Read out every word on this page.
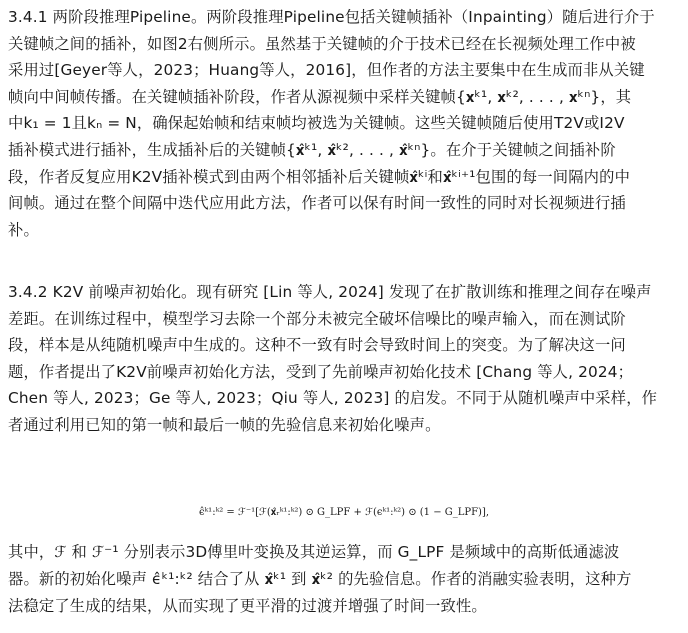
3.4.1 两阶段推理Pipeline。两阶段推理Pipeline包括关键帧插补（Inpainting）随后进行介于
关键帧之间的插补，如图2右侧所示。虽然基于关键帧的介于技术已经在长视频处理工作中被
采用过[Geyer等人，2023；Huang等人，2016]，但作者的方法主要集中在生成而非从关键
帧向中间帧传播。在关键帧插补阶段，作者从源视频中采样关键帧{𝐱ᵏ¹, 𝐱ᵏ², . . . , 𝐱ᵏⁿ}，其
中k₁ = 1且kₙ = N，确保起始帧和结束帧均被选为关键帧。这些关键帧随后使用T2V或I2V
插补模式进行插补，生成插补后的关键帧{𝐱̂ᵏ¹, 𝐱̂ᵏ², . . . , 𝐱̂ᵏⁿ}。在介于关键帧之间插补阶
段，作者反复应用K2V插补模式到由两个相邻插补后关键帧𝐱̂ᵏⁱ和𝐱̂ᵏⁱ⁺¹包围的每一间隔内的中
间帧。通过在整个间隔中迭代应用此方法，作者可以保有时间一致性的同时对长视频进行插
补。
3.4.2 K2V 前噪声初始化。现有研究 [Lin 等人, 2024] 发现了在扩散训练和推理之间存在噪声
差距。在训练过程中，模型学习去除一个部分未被完全破坏信噪比的噪声输入，而在测试阶
段，样本是从纯随机噪声中生成的。这种不一致有时会导致时间上的突变。为了解决这一问
题，作者提出了K2V前噪声初始化方法，受到了先前噪声初始化技术 [Chang 等人, 2024；
Chen 等人, 2023；Ge 等人, 2023；Qiu 等人, 2023] 的启发。不同于从随机噪声中采样，作
者通过利用已知的第一帧和最后一帧的先验信息来初始化噪声。
ϵ̂ᵏ¹:ᵏ² = ℱ⁻¹[ℱ(𝐱̂ᵣᵏ¹:ᵏ²) ⊙ G_LPF + ℱ(ϵᵏ¹:ᵏ²) ⊙ (1 − G_LPF)],
其中，ℱ 和 ℱ⁻¹ 分别表示3D傅里叶变换及其逆运算，而 G_LPF 是频域中的高斯低通滤波
器。新的初始化噪声 ϵ̂ᵏ¹:ᵏ² 结合了从 𝐱̂ᵏ¹ 到 𝐱̂ᵏ² 的先验信息。作者的消融实验表明，这种方
法稳定了生成的结果，从而实现了更平滑的过渡并增强了时间一致性。
